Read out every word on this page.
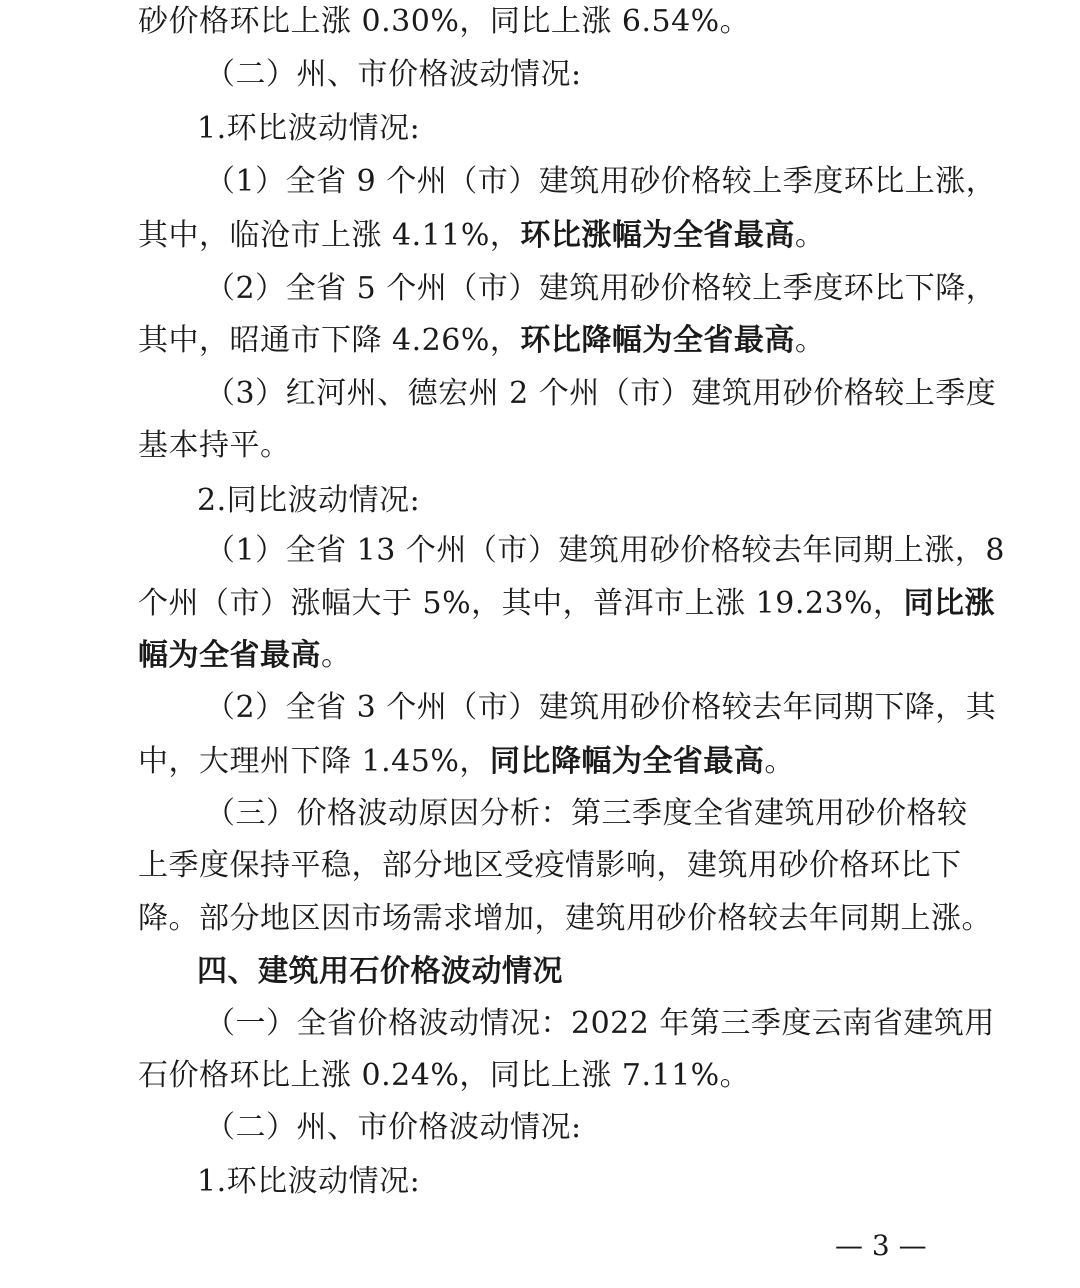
砂价格环比上涨 0.30%，同比上涨 6.54%。
（二）州、市价格波动情况:
1.环比波动情况:
（1）全省 9 个州（市）建筑用砂价格较上季度环比上涨，
其中，临沧市上涨 4.11%，环比涨幅为全省最高。
（2）全省 5 个州（市）建筑用砂价格较上季度环比下降，
其中，昭通市下降 4.26%，环比降幅为全省最高。
（3）红河州、德宏州 2 个州（市）建筑用砂价格较上季度
基本持平。
2.同比波动情况:
（1）全省 13 个州（市）建筑用砂价格较去年同期上涨，8
个州（市）涨幅大于 5%，其中，普洱市上涨 19.23%，同比涨
幅为全省最高。
（2）全省 3 个州（市）建筑用砂价格较去年同期下降，其
中，大理州下降 1.45%，同比降幅为全省最高。
（三）价格波动原因分析：第三季度全省建筑用砂价格较
上季度保持平稳，部分地区受疫情影响，建筑用砂价格环比下
降。部分地区因市场需求增加，建筑用砂价格较去年同期上涨。
四、建筑用石价格波动情况
（一）全省价格波动情况：2022 年第三季度云南省建筑用
石价格环比上涨 0.24%，同比上涨 7.11%。
（二）州、市价格波动情况:
1.环比波动情况:
— 3 —
